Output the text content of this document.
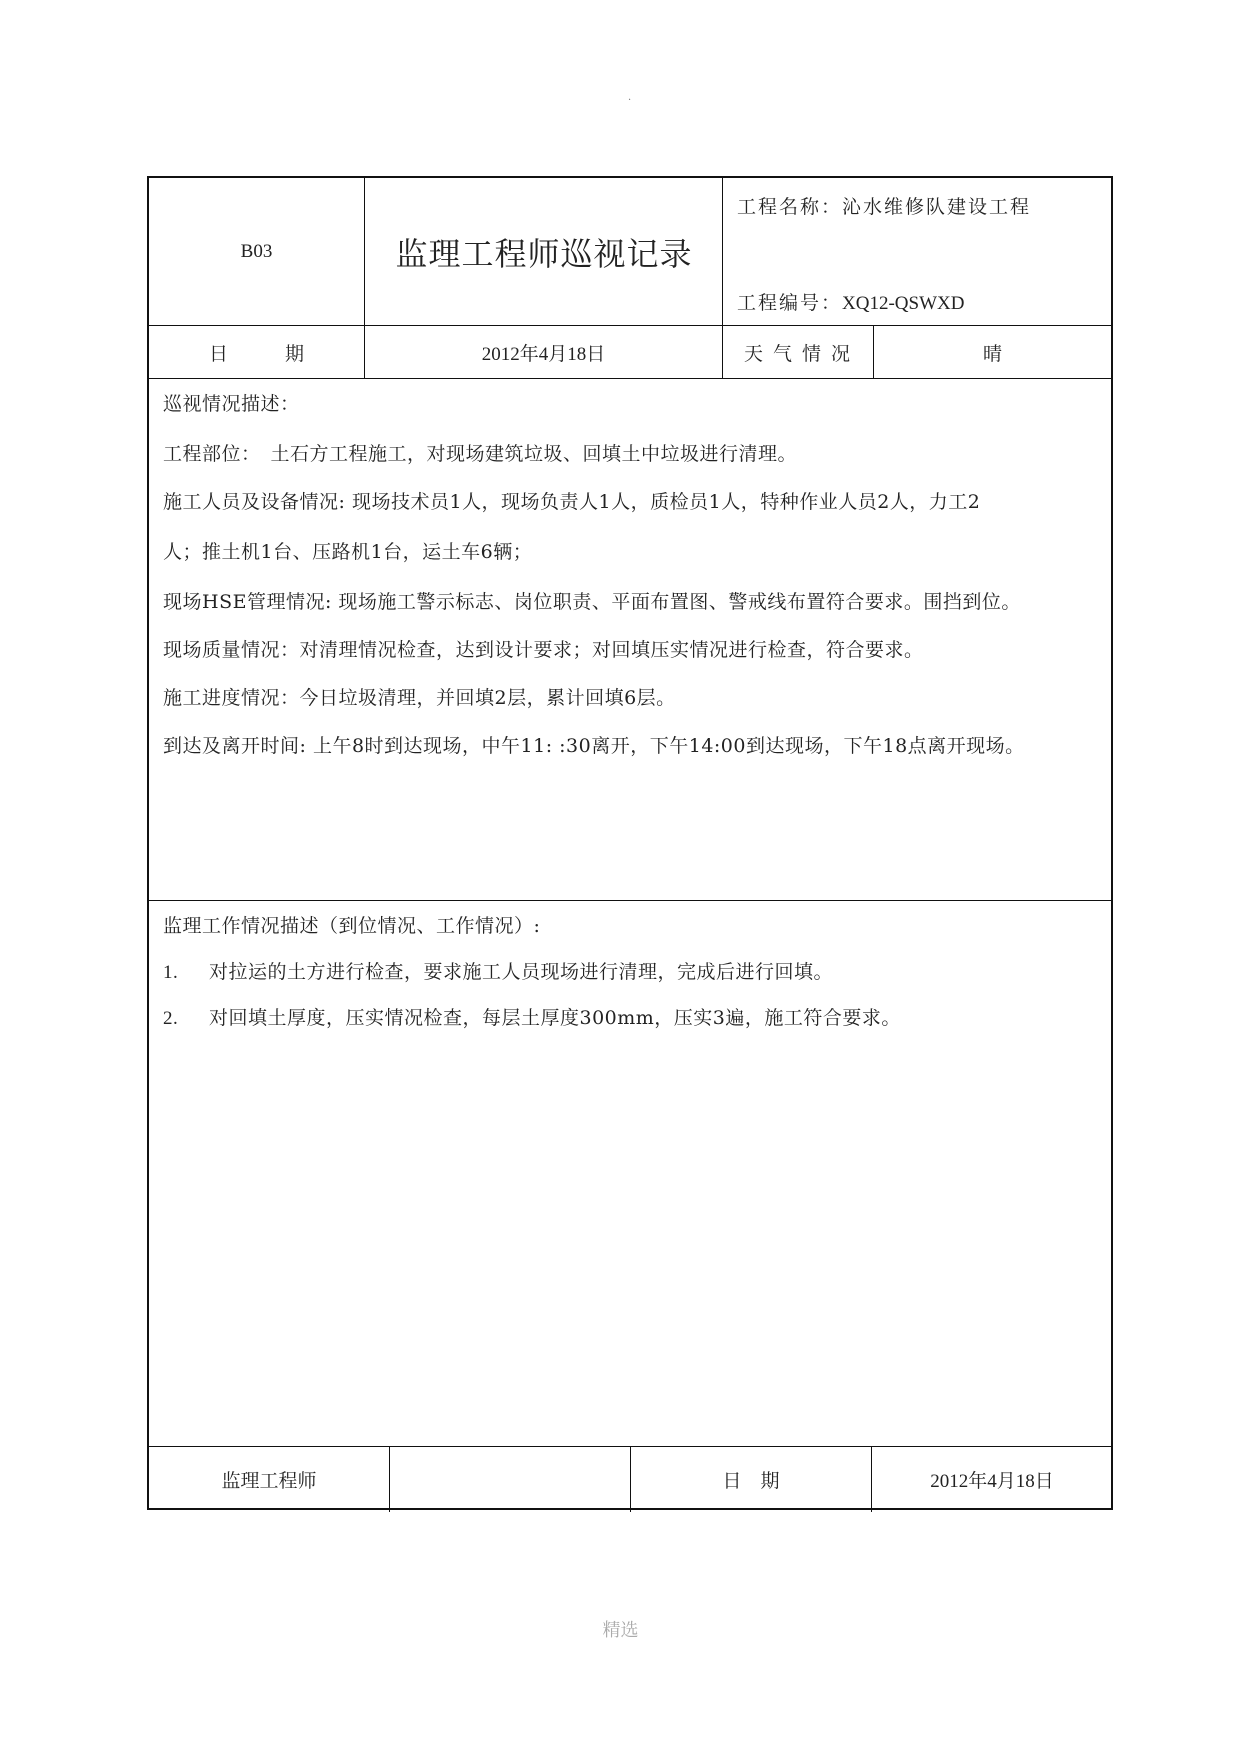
.
B03	监理工程师巡视记录
工程名称：沁水维修队建设工程
工程编号：XQ12-QSWXD
日　　　期	2012年4月18日	天 气 情 况	晴
巡视情况描述：
工程部位：　土石方工程施工，对现场建筑垃圾、回填土中垃圾进行清理。
施工人员及设备情况: 现场技术员1人，现场负责人1人，质检员1人，特种作业人员2人，力工2
人；推土机1台、压路机1台，运土车6辆；
现场HSE管理情况: 现场施工警示标志、岗位职责、平面布置图、警戒线布置符合要求。围挡到位。
现场质量情况：对清理情况检查，达到设计要求；对回填压实情况进行检查，符合要求。
施工进度情况：今日垃圾清理，并回填2层，累计回填6层。
到达及离开时间: 上午8时到达现场，中午11: :30离开，下午14:00到达现场，下午18点离开现场。
监理工作情况描述（到位情况、工作情况）:
1. 对拉运的土方进行检查，要求施工人员现场进行清理，完成后进行回填。
2. 对回填土厚度，压实情况检查，每层土厚度300mm，压实3遍，施工符合要求。
监理工程师	日　期	2012年4月18日
精选
